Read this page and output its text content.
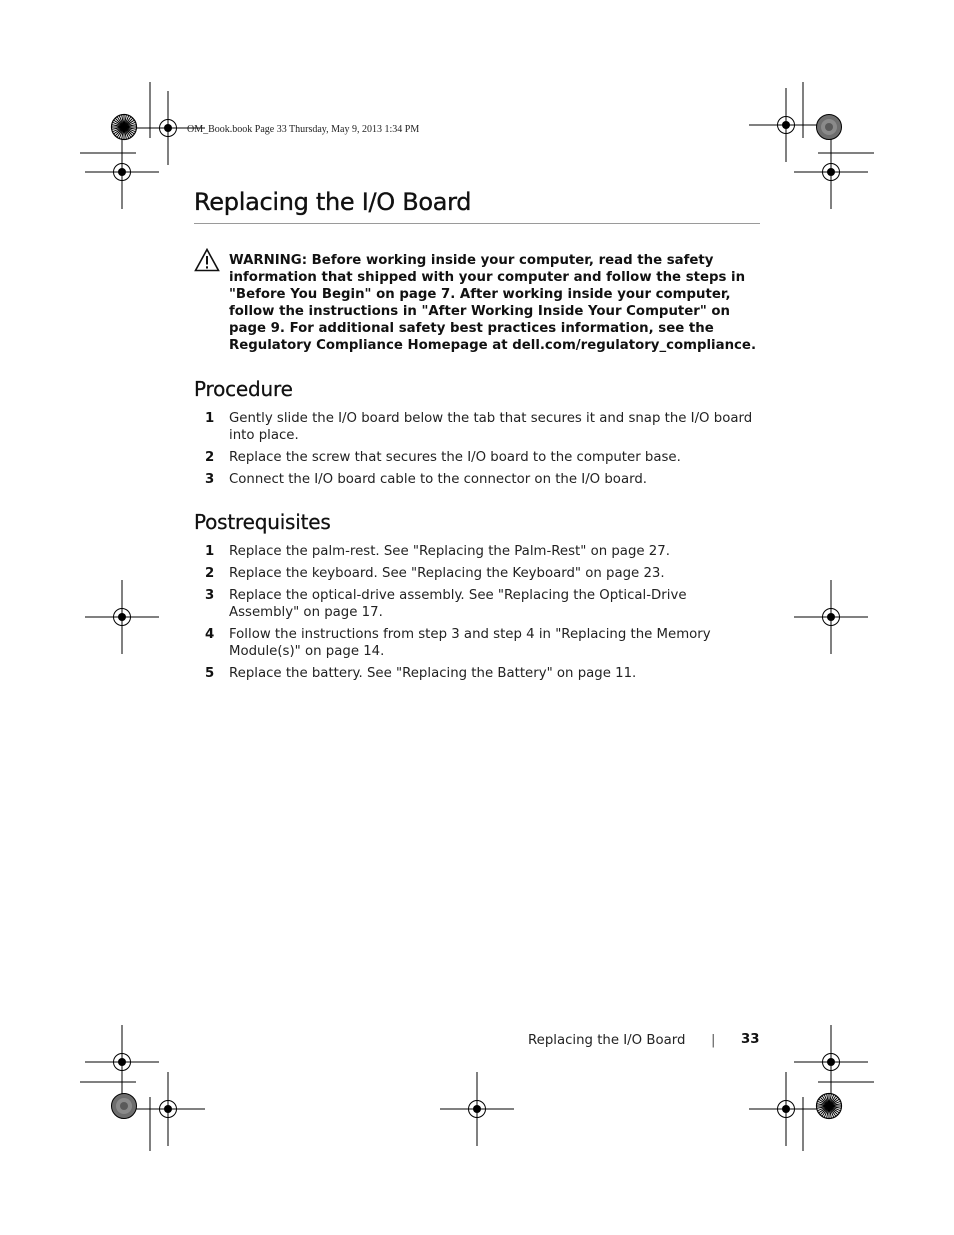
OM_Book.book Page 33 Thursday, May 9, 2013 1:34 PM
Replacing the I/O Board
WARNING: Before working inside your computer, read the safety information that shipped with your computer and follow the steps in "Before You Begin" on page 7. After working inside your computer, follow the instructions in "After Working Inside Your Computer" on page 9. For additional safety best practices information, see the Regulatory Compliance Homepage at dell.com/regulatory_compliance.
Procedure
1 Gently slide the I/O board below the tab that secures it and snap the I/O board into place.
2 Replace the screw that secures the I/O board to the computer base.
3 Connect the I/O board cable to the connector on the I/O board.
Postrequisites
1 Replace the palm-rest. See "Replacing the Palm-Rest" on page 27.
2 Replace the keyboard. See "Replacing the Keyboard" on page 23.
3 Replace the optical-drive assembly. See "Replacing the Optical-Drive Assembly" on page 17.
4 Follow the instructions from step 3 and step 4 in "Replacing the Memory Module(s)" on page 14.
5 Replace the battery. See "Replacing the Battery" on page 11.
Replacing the I/O Board | 33
